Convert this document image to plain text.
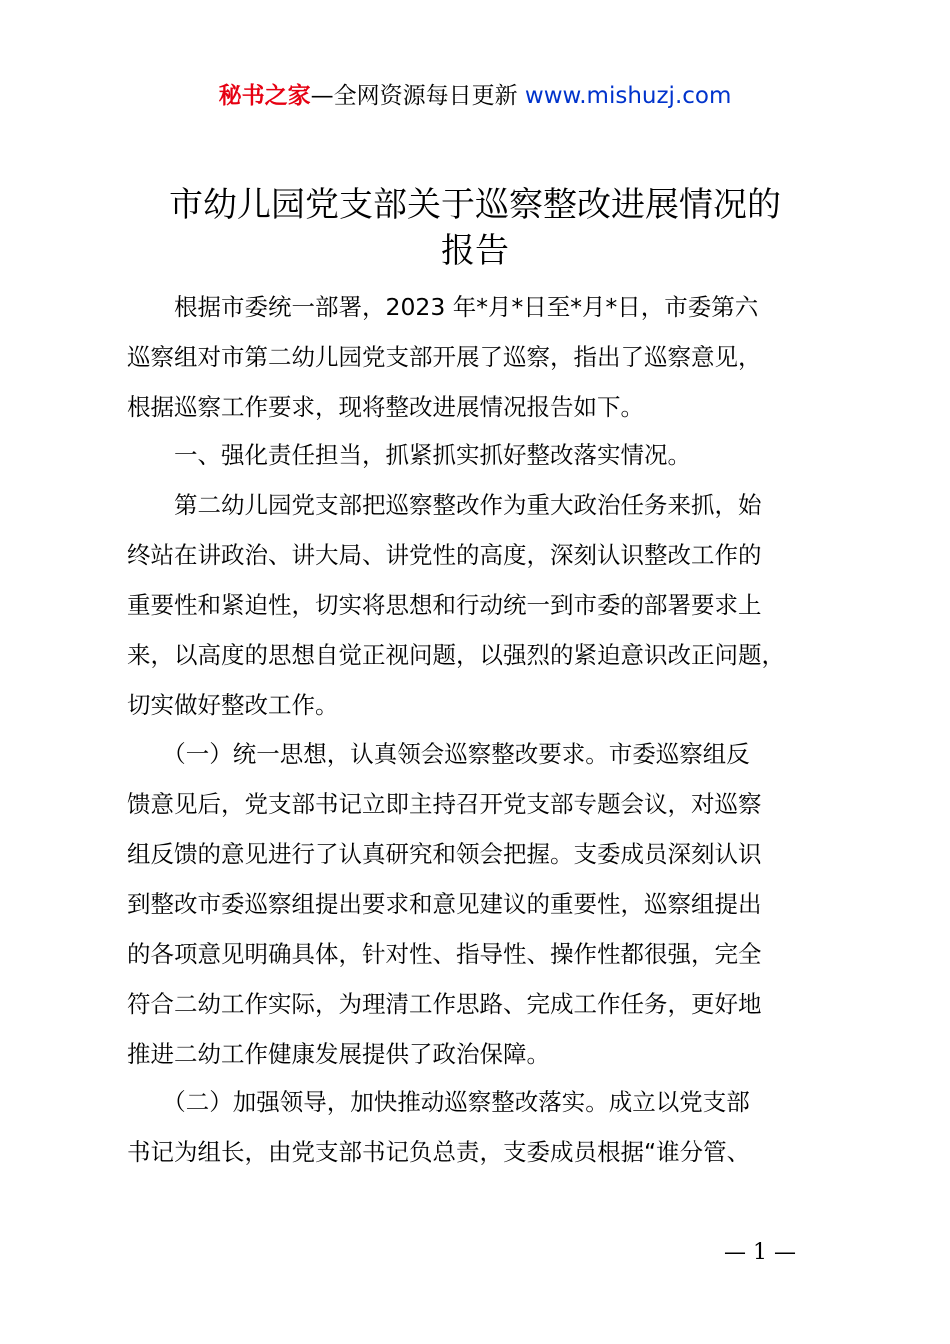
秘书之家—全网资源每日更新 www.mishuzj.com
市幼儿园党支部关于巡察整改进展情况的
报告
　　根据市委统一部署，2023 年*月*日至*月*日，市委第六
巡察组对市第二幼儿园党支部开展了巡察，指出了巡察意见，
根据巡察工作要求，现将整改进展情况报告如下。
　　一、强化责任担当，抓紧抓实抓好整改落实情况。
　　第二幼儿园党支部把巡察整改作为重大政治任务来抓，始
终站在讲政治、讲大局、讲党性的高度，深刻认识整改工作的
重要性和紧迫性，切实将思想和行动统一到市委的部署要求上
来，以高度的思想自觉正视问题，以强烈的紧迫意识改正问题，
切实做好整改工作。
　　（一）统一思想，认真领会巡察整改要求。市委巡察组反
馈意见后，党支部书记立即主持召开党支部专题会议，对巡察
组反馈的意见进行了认真研究和领会把握。支委成员深刻认识
到整改市委巡察组提出要求和意见建议的重要性，巡察组提出
的各项意见明确具体，针对性、指导性、操作性都很强，完全
符合二幼工作实际，为理清工作思路、完成工作任务，更好地
推进二幼工作健康发展提供了政治保障。
　　（二）加强领导，加快推动巡察整改落实。成立以党支部
书记为组长，由党支部书记负总责，支委成员根据“谁分管、
— 1 —
